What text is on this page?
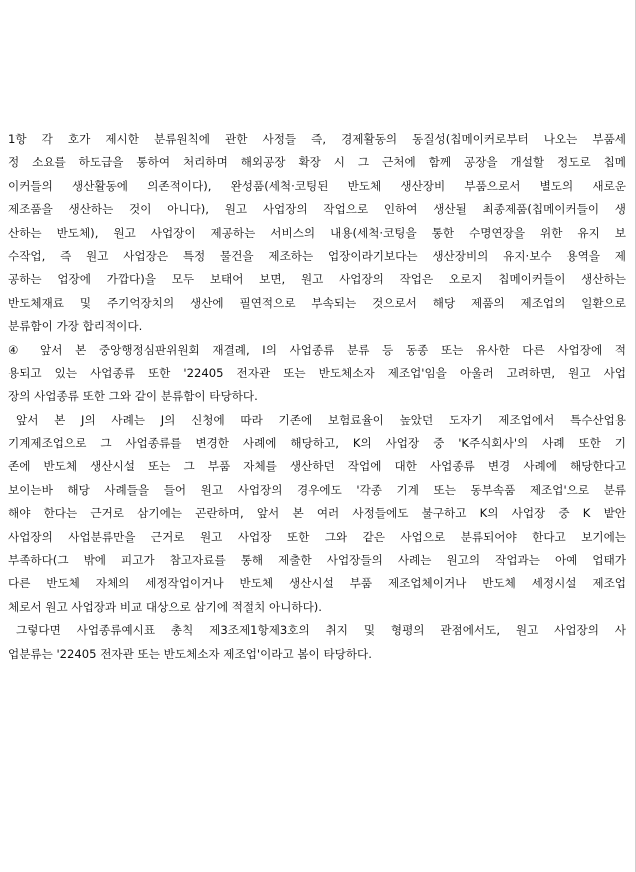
1항 각 호가 제시한 분류원칙에 관한 사정들 즉, 경제활동의 동질성(칩메이커로부터 나오는 부품세
정 소요를 하도급을 통하여 처리하며 해외공장 확장 시 그 근처에 함께 공장을 개설할 정도로 칩메
이커들의 생산활동에 의존적이다), 완성품(세척·코팅된 반도체 생산장비 부품으로서 별도의 새로운
제조품을 생산하는 것이 아니다), 원고 사업장의 작업으로 인하여 생산될 최종제품(칩메이커들이 생
산하는 반도체), 원고 사업장이 제공하는 서비스의 내용(세척·코팅을 통한 수명연장을 위한 유지 보
수작업, 즉 원고 사업장은 특정 물건을 제조하는 업장이라기보다는 생산장비의 유지·보수 용역을 제
공하는 업장에 가깝다)을 모두 보태어 보면, 원고 사업장의 작업은 오로지 칩메이커들이 생산하는
반도체재료 및 주기억장치의 생산에 필연적으로 부속되는 것으로서 해당 제품의 제조업의 일환으로
분류함이 가장 합리적이다.
④ 앞서 본 중앙행정심판위원회 재결례, I의 사업종류 분류 등 동종 또는 유사한 다른 사업장에 적
용되고 있는 사업종류 또한 '22405 전자관 또는 반도체소자 제조업'임을 아울러 고려하면, 원고 사업
장의 사업종류 또한 그와 같이 분류함이 타당하다.
앞서 본 J의 사례는 J의 신청에 따라 기존에 보험료율이 높았던 도자기 제조업에서 특수산업용
기계제조업으로 그 사업종류를 변경한 사례에 해당하고, K의 사업장 중 'K주식회사'의 사례 또한 기
존에 반도체 생산시설 또는 그 부품 자체를 생산하던 작업에 대한 사업종류 변경 사례에 해당한다고
보이는바 해당 사례들을 들어 원고 사업장의 경우에도 '각종 기계 또는 동부속품 제조업'으로 분류
해야 한다는 근거로 삼기에는 곤란하며, 앞서 본 여러 사정들에도 불구하고 K의 사업장 중 K 밭안
사업장의 사업분류만을 근거로 원고 사업장 또한 그와 같은 사업으로 분류되어야 한다고 보기에는
부족하다(그 밖에 피고가 참고자료를 통해 제출한 사업장들의 사례는 원고의 작업과는 아예 업태가
다른 반도체 자체의 세정작업이거나 반도체 생산시설 부품 제조업체이거나 반도체 세정시설 제조업
체로서 원고 사업장과 비교 대상으로 삼기에 적절치 아니하다).
그렇다면 사업종류예시표 총칙 제3조제1항제3호의 취지 및 형평의 관점에서도, 원고 사업장의 사
업분류는 '22405 전자관 또는 반도체소자 제조업'이라고 봄이 타당하다.
